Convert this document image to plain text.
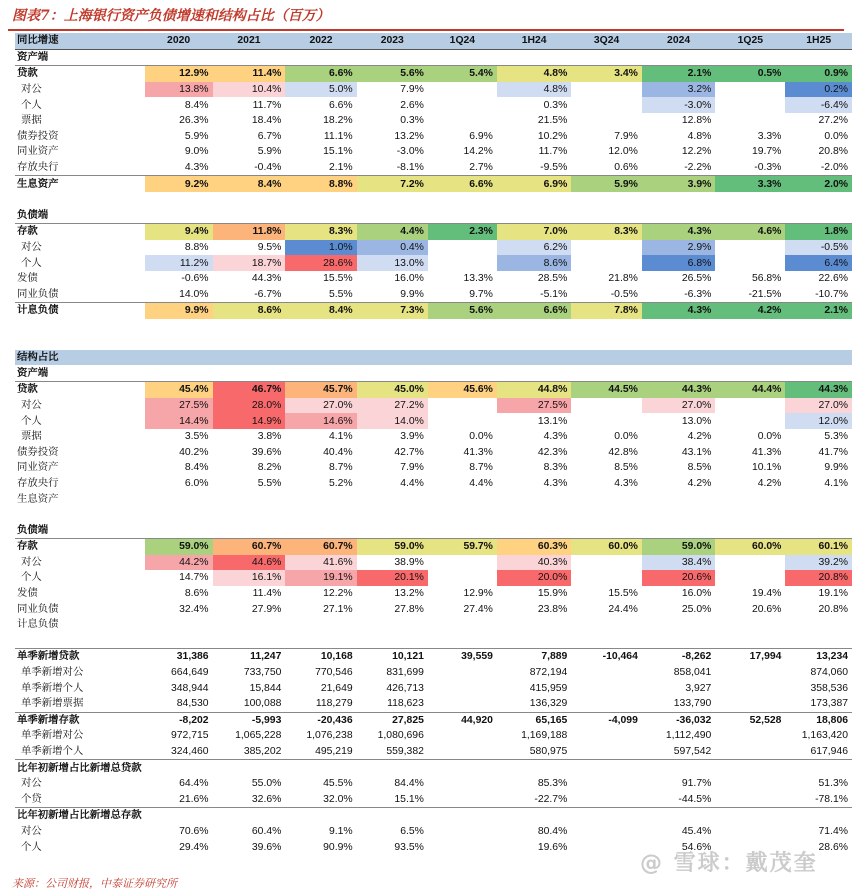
图表7：上海银行资产负债增速和结构占比（百万）
同比增速	2020	2021	2022	2023	1Q24	1H24	3Q24	2024	1Q25	1H25
资产端										
贷款	12.9%	11.4%	6.6%	5.6%	5.4%	4.8%	3.4%	2.1%	0.5%	0.9%
对公	13.8%	10.4%	5.0%	7.9%		4.8%		3.2%		0.2%
个人	8.4%	11.7%	6.6%	2.6%		0.3%		-3.0%		-6.4%
票据	26.3%	18.4%	18.2%	0.3%		21.5%		12.8%		27.2%
债券投资	5.9%	6.7%	11.1%	13.2%	6.9%	10.2%	7.9%	4.8%	3.3%	0.0%
同业资产	9.0%	5.9%	15.1%	-3.0%	14.2%	11.7%	12.0%	12.2%	19.7%	20.8%
存放央行	4.3%	-0.4%	2.1%	-8.1%	2.7%	-9.5%	0.6%	-2.2%	-0.3%	-2.0%
生息资产	9.2%	8.4%	8.8%	7.2%	6.6%	6.9%	5.9%	3.9%	3.3%	2.0%

负债端										
存款	9.4%	11.8%	8.3%	4.4%	2.3%	7.0%	8.3%	4.3%	4.6%	1.8%
对公	8.8%	9.5%	1.0%	0.4%		6.2%		2.9%		-0.5%
个人	11.2%	18.7%	28.6%	13.0%		8.6%		6.8%		6.4%
发债	-0.6%	44.3%	15.5%	16.0%	13.3%	28.5%	21.8%	26.5%	56.8%	22.6%
同业负债	14.0%	-6.7%	5.5%	9.9%	9.7%	-5.1%	-0.5%	-6.3%	-21.5%	-10.7%
计息负债	9.9%	8.6%	8.4%	7.3%	5.6%	6.6%	7.8%	4.3%	4.2%	2.1%

结构占比										
资产端										
贷款	45.4%	46.7%	45.7%	45.0%	45.6%	44.8%	44.5%	44.3%	44.4%	44.3%
对公	27.5%	28.0%	27.0%	27.2%		27.5%		27.0%		27.0%
个人	14.4%	14.9%	14.6%	14.0%		13.1%		13.0%		12.0%
票据	3.5%	3.8%	4.1%	3.9%	0.0%	4.3%	0.0%	4.2%	0.0%	5.3%
债券投资	40.2%	39.6%	40.4%	42.7%	41.3%	42.3%	42.8%	43.1%	41.3%	41.7%
同业资产	8.4%	8.2%	8.7%	7.9%	8.7%	8.3%	8.5%	8.5%	10.1%	9.9%
存放央行	6.0%	5.5%	5.2%	4.4%	4.4%	4.3%	4.3%	4.2%	4.2%	4.1%
生息资产										

负债端										
存款	59.0%	60.7%	60.7%	59.0%	59.7%	60.3%	60.0%	59.0%	60.0%	60.1%
对公	44.2%	44.6%	41.6%	38.9%		40.3%		38.4%		39.2%
个人	14.7%	16.1%	19.1%	20.1%		20.0%		20.6%		20.8%
发债	8.6%	11.4%	12.2%	13.2%	12.9%	15.9%	15.5%	16.0%	19.4%	19.1%
同业负债	32.4%	27.9%	27.1%	27.8%	27.4%	23.8%	24.4%	25.0%	20.6%	20.8%
计息负债										

单季新增贷款	31,386	11,247	10,168	10,121	39,559	7,889	-10,464	-8,262	17,994	13,234
单季新增对公	664,649	733,750	770,546	831,699		872,194		858,041		874,060
单季新增个人	348,944	15,844	21,649	426,713		415,959		3,927		358,536
单季新增票据	84,530	100,088	118,279	118,623		136,329		133,790		173,387
单季新增存款	-8,202	-5,993	-20,436	27,825	44,920	65,165	-4,099	-36,032	52,528	18,806
单季新增对公	972,715	1,065,228	1,076,238	1,080,696		1,169,188		1,112,490		1,163,420
单季新增个人	324,460	385,202	495,219	559,382		580,975		597,542		617,946
比年初新增占比新增总贷款										
对公	64.4%	55.0%	45.5%	84.4%		85.3%		91.7%		51.3%
个贷	21.6%	32.6%	32.0%	15.1%		-22.7%		-44.5%		-78.1%
比年初新增占比新增总存款										
对公	70.6%	60.4%	9.1%	6.5%		80.4%		45.4%		71.4%
个人	29.4%	39.6%	90.9%	93.5%		19.6%		54.6%		28.6%
来源：公司财报，中泰证券研究所
@ 雪球：戴茂奎
